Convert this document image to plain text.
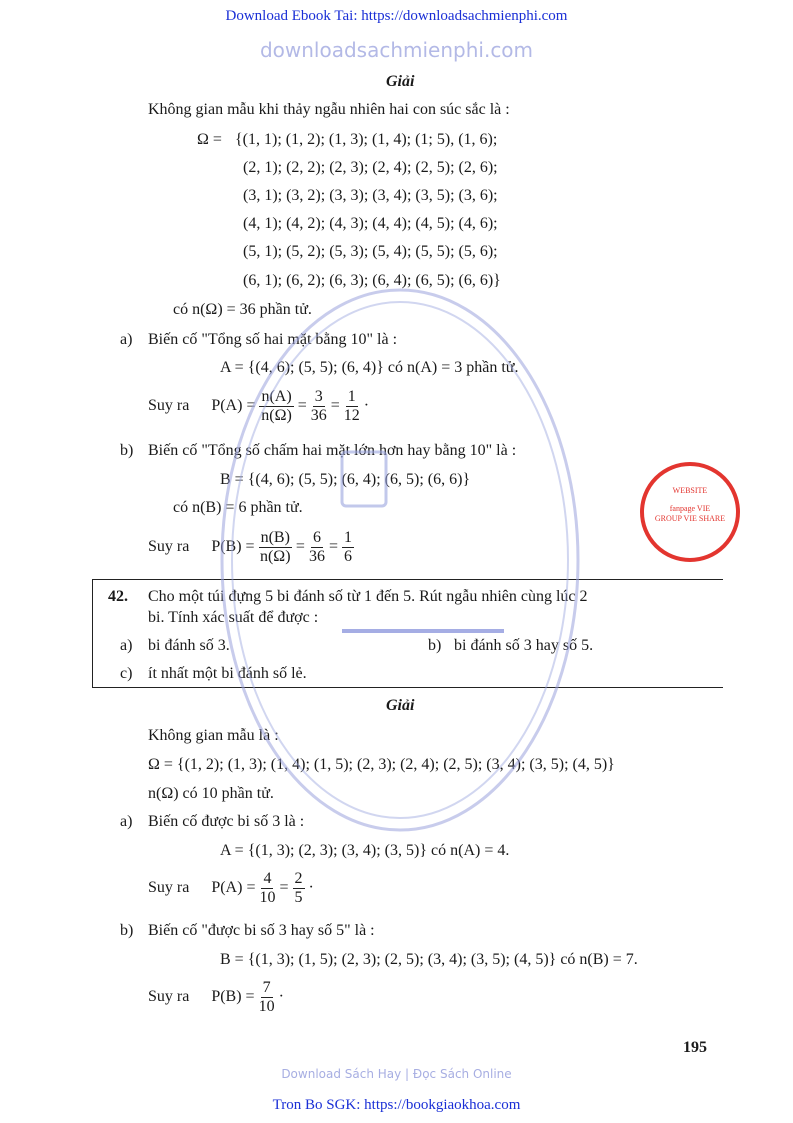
Download Ebook Tai: https://downloadsachmienphi.com
downloadsachmienphi.com
Giải
Không gian mẫu khi thảy ngẫu nhiên hai con súc sắc là :
Ω = {(1, 1); (1, 2); (1, 3); (1, 4); (1; 5), (1, 6);
(2, 1); (2, 2); (2, 3); (2, 4); (2, 5); (2, 6);
(3, 1); (3, 2); (3, 3); (3, 4); (3, 5); (3, 6);
(4, 1); (4, 2); (4, 3); (4, 4); (4, 5); (4, 6);
(5, 1); (5, 2); (5, 3); (5, 4); (5, 5); (5, 6);
(6, 1); (6, 2); (6, 3); (6, 4); (6, 5); (6, 6)}
có n(Ω) = 36 phần tử.
a) Biến cố "Tổng số hai mặt bằng 10" là :
A = {(4, 6); (5, 5); (6, 4)} có n(A) = 3 phần tử.
Suy ra $P(A) = \frac{n(A)}{n(\Omega)} = \frac{3}{36} = \frac{1}{12}$ ·
b) Biến cố "Tổng số chấm hai mặt lớn hơn hay bằng 10" là :
B = {(4, 6); (5, 5); (6, 4); (6, 5); (6, 6)}
có n(B) = 6 phần tử.
Suy ra $P(B) = \frac{n(B)}{n(\Omega)} = \frac{6}{36} = \frac{1}{6}$
42. Cho một túi đựng 5 bi đánh số từ 1 đến 5. Rút ngẫu nhiên cùng lúc 2
bi. Tính xác suất để được :
a) bi đánh số 3.	b) bi đánh số 3 hay số 5.
c) ít nhất một bi đánh số lẻ.
Giải
Không gian mẫu là :
Ω = {(1, 2); (1, 3); (1, 4); (1, 5); (2, 3); (2, 4); (2, 5); (3, 4); (3, 5); (4, 5)}
n(Ω) có 10 phần tử.
a) Biến cố được bi số 3 là :
A = {(1, 3); (2, 3); (3, 4); (3, 5)} có n(A) = 4.
Suy ra $P(A) = \frac{4}{10} = \frac{2}{5}$ ·
b) Biến cố "được bi số 3 hay số 5" là :
B = {(1, 3); (1, 5); (2, 3); (2, 5); (3, 4); (3, 5); (4, 5)} có n(B) = 7.
Suy ra $P(B) = \frac{7}{10}$ ·
195
Download Sách Hay | Đọc Sách Online
Tron Bo SGK: https://bookgiaokhoa.com
WEBSITE
fanpage VIE
GROUP VIE SHARE
